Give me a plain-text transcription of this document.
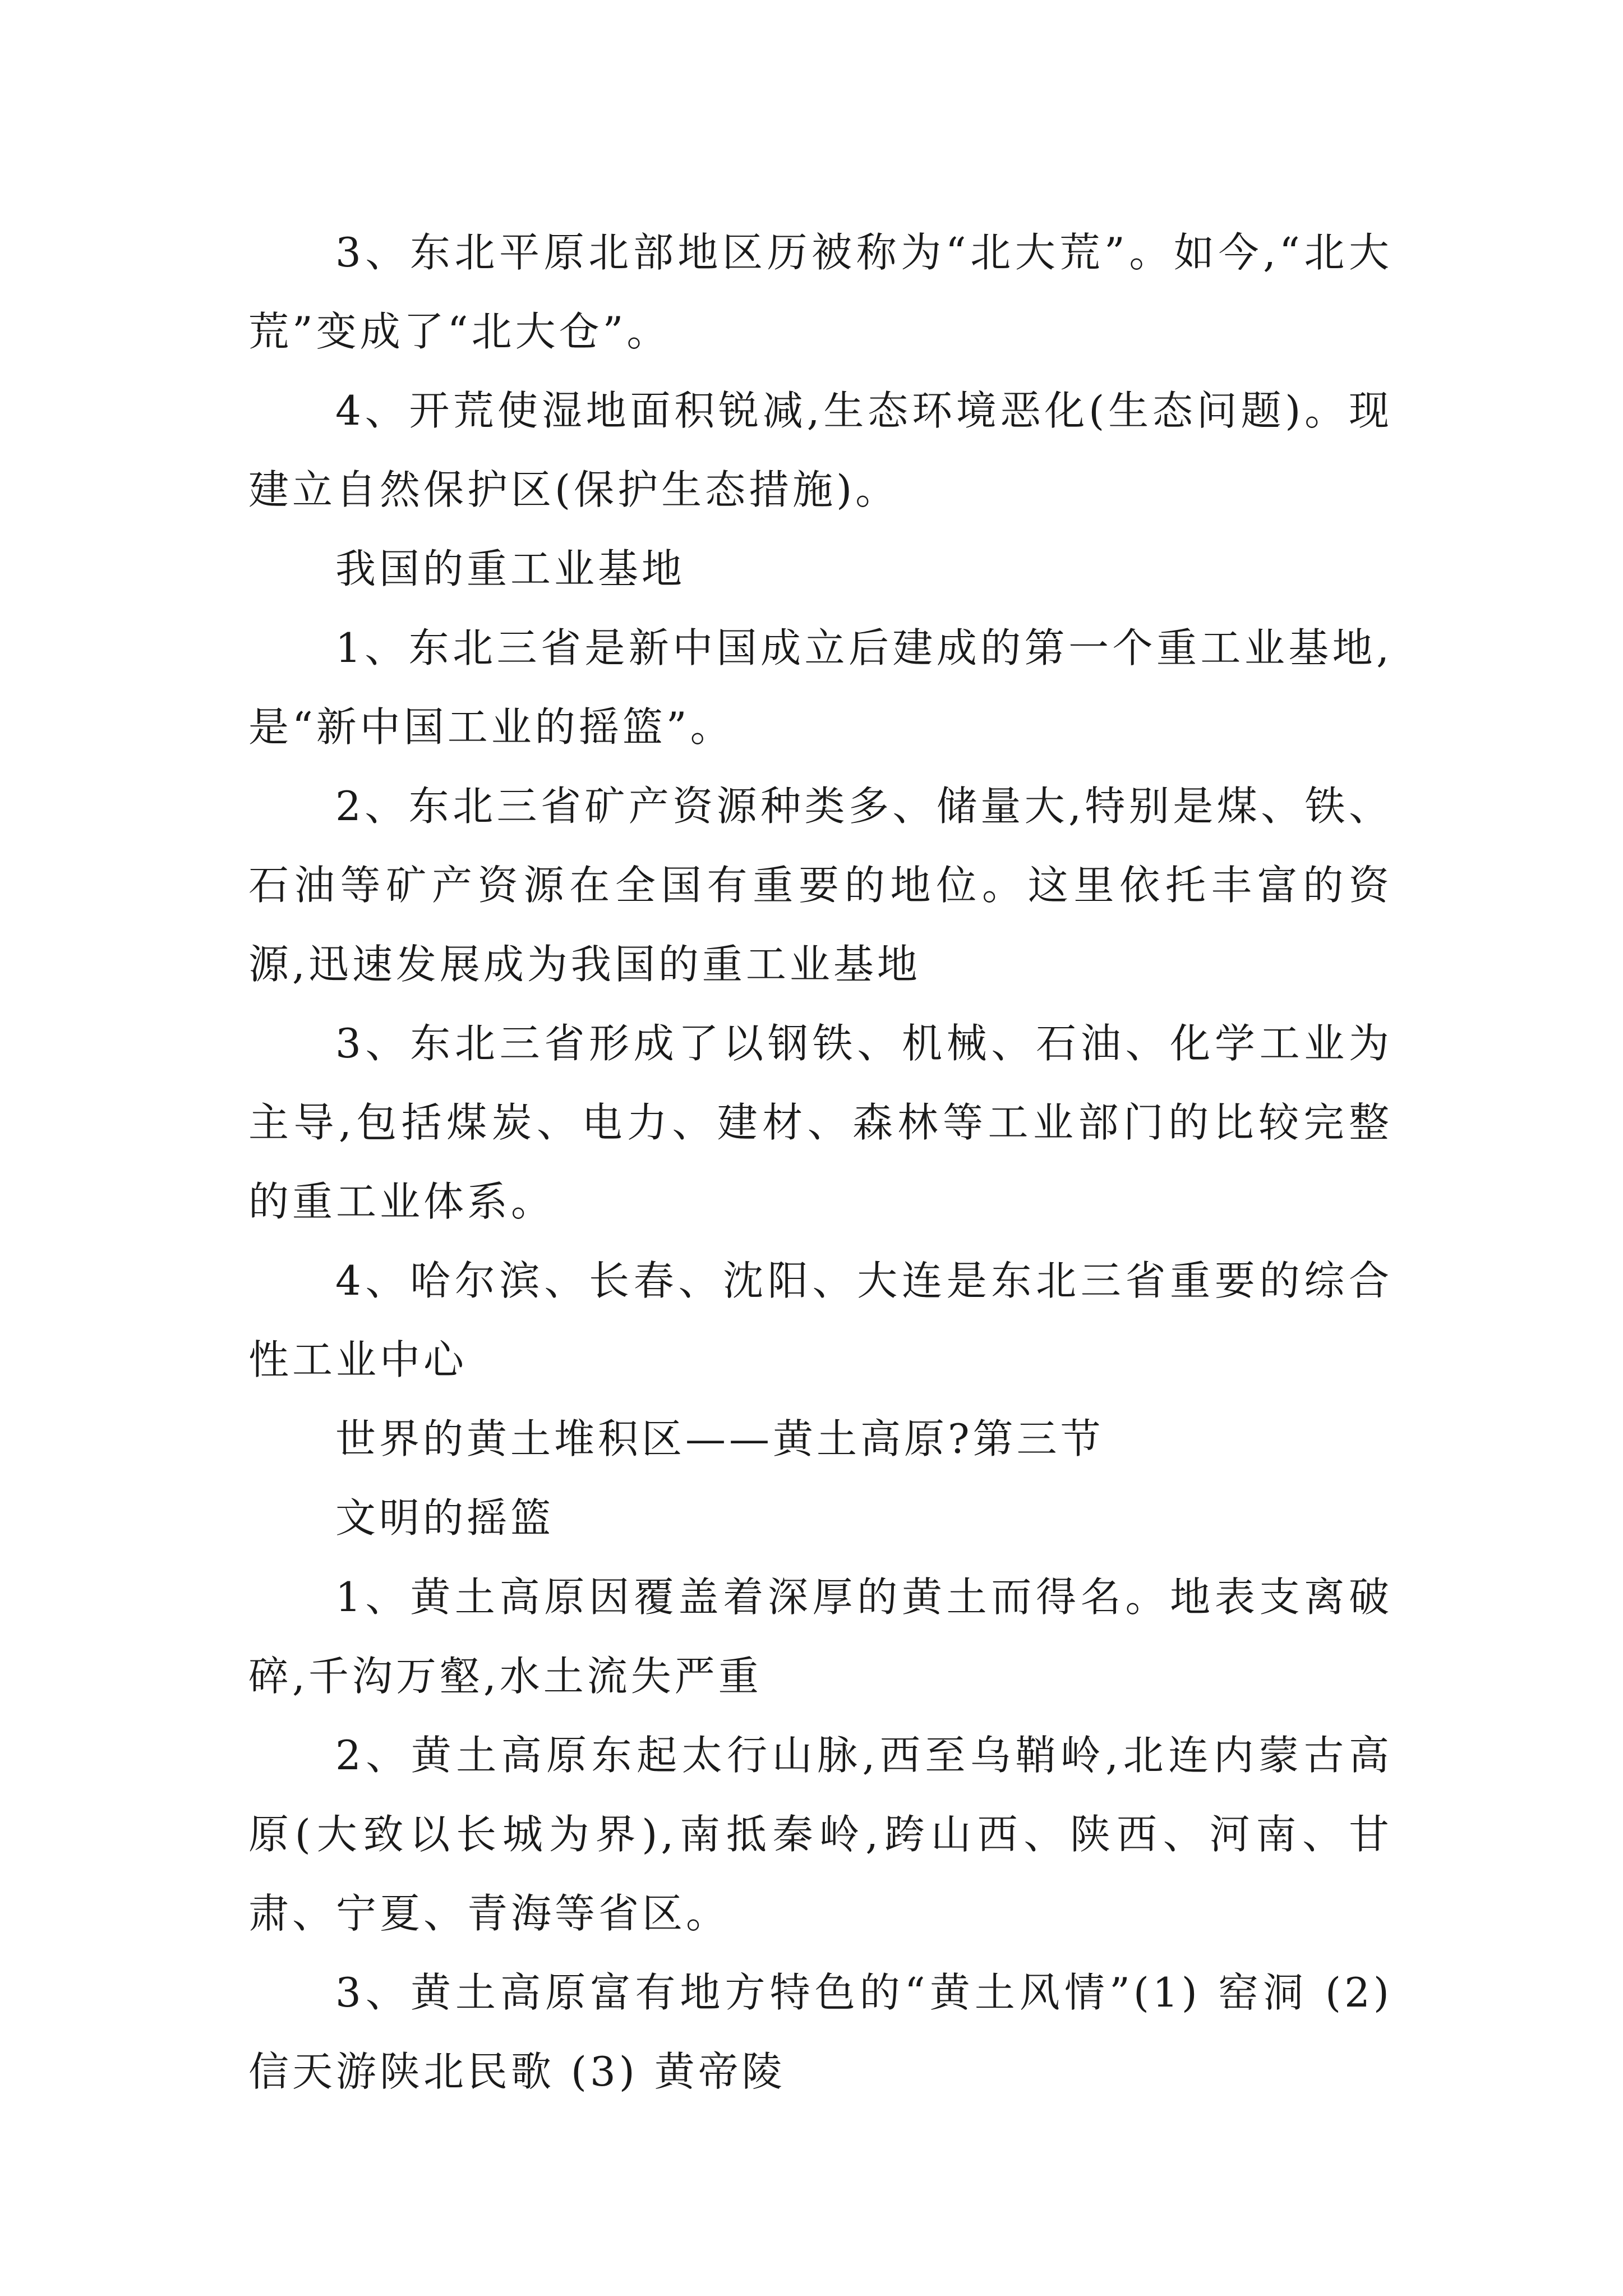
3、东北平原北部地区历被称为“北大荒”。如今,“北大荒”变成了“北大仓”。

4、开荒使湿地面积锐减,生态环境恶化(生态问题)。现建立自然保护区(保护生态措施)。

我国的重工业基地

1、东北三省是新中国成立后建成的第一个重工业基地,是“新中国工业的摇篮”。

2、东北三省矿产资源种类多、储量大,特别是煤、铁、石油等矿产资源在全国有重要的地位。这里依托丰富的资源,迅速发展成为我国的重工业基地

3、东北三省形成了以钢铁、机械、石油、化学工业为主导,包括煤炭、电力、建材、森林等工业部门的比较完整的重工业体系。

4、哈尔滨、长春、沈阳、大连是东北三省重要的综合性工业中心

世界的黄土堆积区——黄土高原?第三节

文明的摇篮

1、黄土高原因覆盖着深厚的黄土而得名。地表支离破碎,千沟万壑,水土流失严重

2、黄土高原东起太行山脉,西至乌鞘岭,北连内蒙古高原(大致以长城为界),南抵秦岭,跨山西、陕西、河南、甘肃、宁夏、青海等省区。

3、黄土高原富有地方特色的“黄土风情”(1) 窑洞 (2) 信天游陕北民歌 (3) 黄帝陵
